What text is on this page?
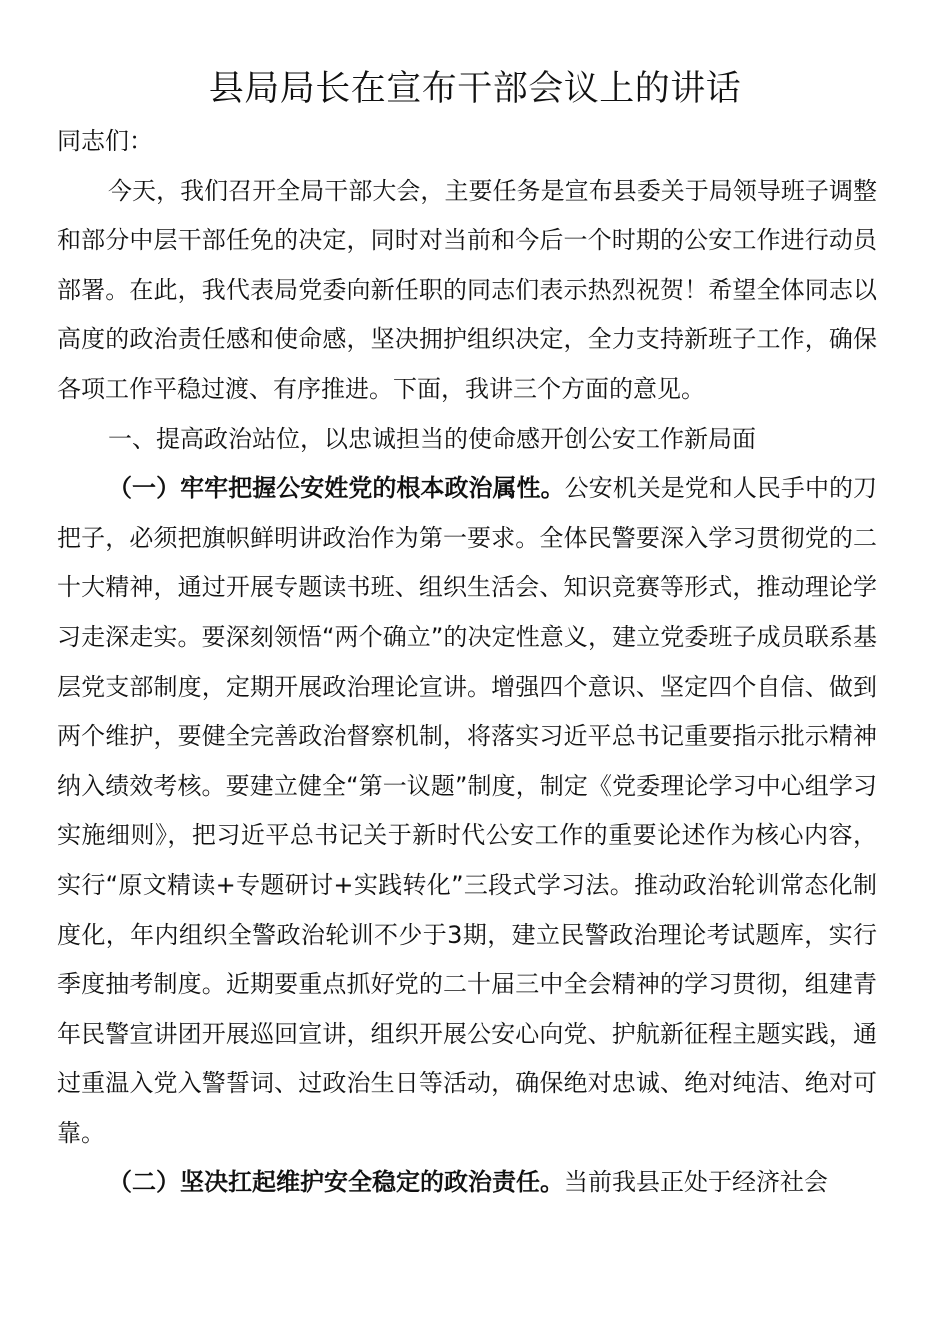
县局局长在宣布干部会议上的讲话

同志们：

今天，我们召开全局干部大会，主要任务是宣布县委关于局领导班子调整和部分中层干部任免的决定，同时对当前和今后一个时期的公安工作进行动员部署。在此，我代表局党委向新任职的同志们表示热烈祝贺！希望全体同志以高度的政治责任感和使命感，坚决拥护组织决定，全力支持新班子工作，确保各项工作平稳过渡、有序推进。下面，我讲三个方面的意见。

一、提高政治站位，以忠诚担当的使命感开创公安工作新局面

（一）牢牢把握公安姓党的根本政治属性。公安机关是党和人民手中的刀把子，必须把旗帜鲜明讲政治作为第一要求。全体民警要深入学习贯彻党的二十大精神，通过开展专题读书班、组织生活会、知识竞赛等形式，推动理论学习走深走实。要深刻领悟“两个确立”的决定性意义，建立党委班子成员联系基层党支部制度，定期开展政治理论宣讲。增强四个意识、坚定四个自信、做到两个维护，要健全完善政治督察机制，将落实习近平总书记重要指示批示精神纳入绩效考核。要建立健全“第一议题”制度，制定《党委理论学习中心组学习实施细则》，把习近平总书记关于新时代公安工作的重要论述作为核心内容，实行“原文精读+专题研讨+实践转化”三段式学习法。推动政治轮训常态化制度化，年内组织全警政治轮训不少于3期，建立民警政治理论考试题库，实行季度抽考制度。近期要重点抓好党的二十届三中全会精神的学习贯彻，组建青年民警宣讲团开展巡回宣讲，组织开展公安心向党、护航新征程主题实践，通过重温入党入警誓词、过政治生日等活动，确保绝对忠诚、绝对纯洁、绝对可靠。

（二）坚决扛起维护安全稳定的政治责任。当前我县正处于经济社会
